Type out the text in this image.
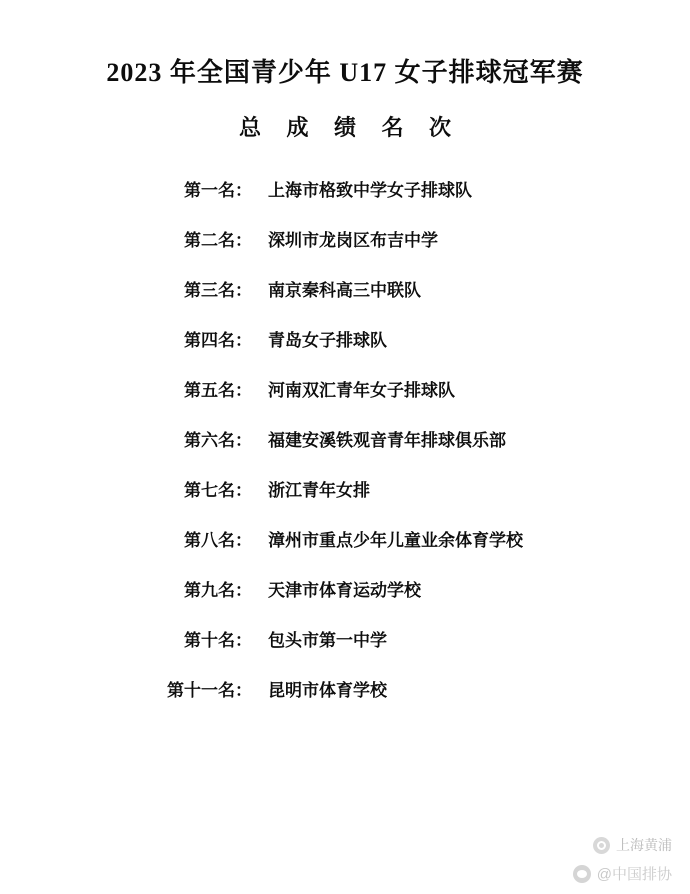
2023 年全国青少年 U17 女子排球冠军赛
总 成 绩 名 次
第一名： 上海市格致中学女子排球队
第二名： 深圳市龙岗区布吉中学
第三名： 南京秦科高三中联队
第四名： 青岛女子排球队
第五名： 河南双汇青年女子排球队
第六名： 福建安溪铁观音青年排球俱乐部
第七名： 浙江青年女排
第八名： 漳州市重点少年儿童业余体育学校
第九名： 天津市体育运动学校
第十名： 包头市第一中学
第十一名： 昆明市体育学校
上海黄浦
@中国排协
